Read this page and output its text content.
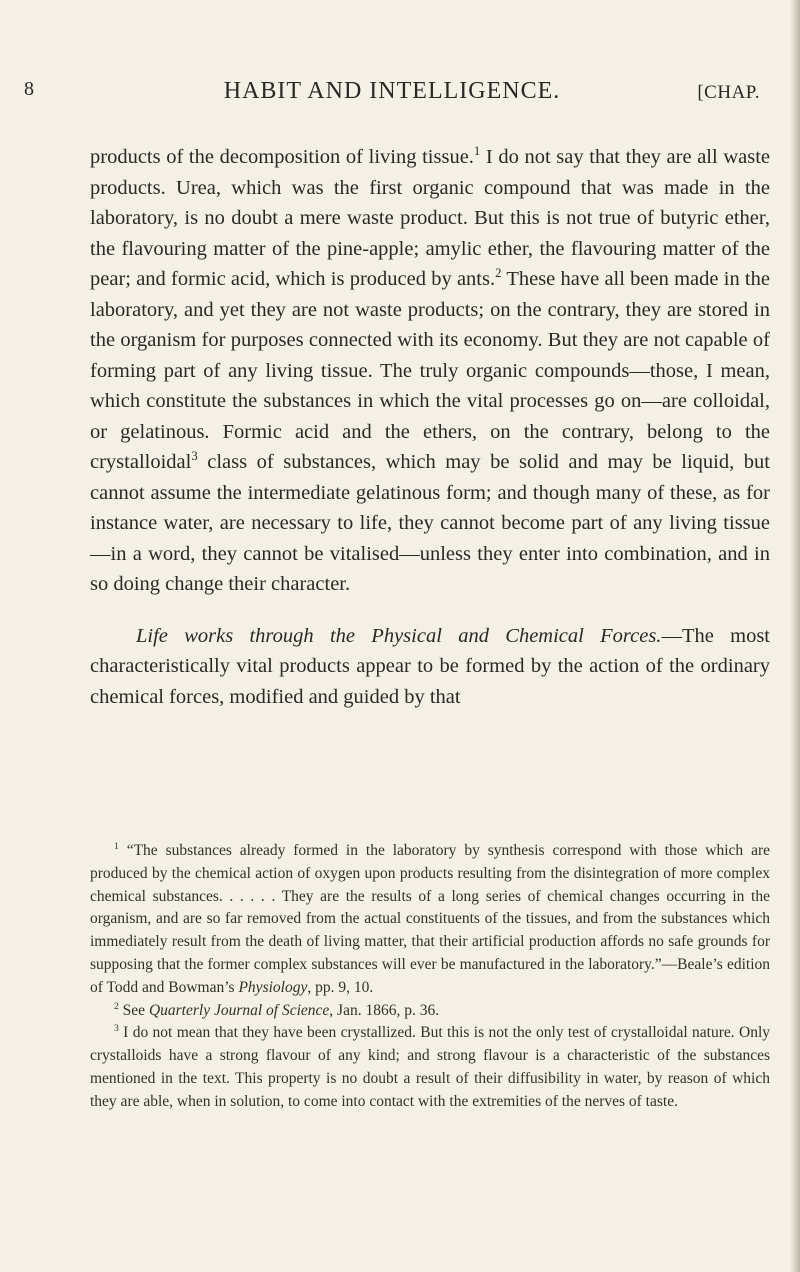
8	HABIT AND INTELLIGENCE.	[CHAP.

products of the decomposition of living tissue.$^1$ I do not say that they are all waste products. Urea, which was the first organic compound that was made in the laboratory, is no doubt a mere waste product. But this is not true of butyric ether, the flavouring matter of the pine-apple; amylic ether, the flavouring matter of the pear; and formic acid, which is produced by ants.$^2$ These have all been made in the laboratory, and yet they are not waste products; on the contrary, they are stored in the organism for purposes connected with its economy. But they are not capable of forming part of any living tissue. The truly organic compounds—those, I mean, which constitute the substances in which the vital processes go on—are colloidal, or gelatinous. Formic acid and the ethers, on the contrary, belong to the crystalloidal$^3$ class of substances, which may be solid and may be liquid, but cannot assume the intermediate gelatinous form; and though many of these, as for instance water, are necessary to life, they cannot become part of any living tissue—in a word, they cannot be vitalised—unless they enter into combination, and in so doing change their character.

Life works through the Physical and Chemical Forces.—The most characteristically vital products appear to be formed by the action of the ordinary chemical forces, modified and guided by that

$^1$ “The substances already formed in the laboratory by synthesis correspond with those which are produced by the chemical action of oxygen upon products resulting from the disintegration of more complex chemical substances. . . . . . They are the results of a long series of chemical changes occurring in the organism, and are so far removed from the actual constituents of the tissues, and from the substances which immediately result from the death of living matter, that their artificial production affords no safe grounds for supposing that the former complex substances will ever be manufactured in the laboratory.”—Beale’s edition of Todd and Bowman’s Physiology, pp. 9, 10.

$^2$ See Quarterly Journal of Science, Jan. 1866, p. 36.

$^3$ I do not mean that they have been crystallized. But this is not the only test of crystalloidal nature. Only crystalloids have a strong flavour of any kind; and strong flavour is a characteristic of the substances mentioned in the text. This property is no doubt a result of their diffusibility in water, by reason of which they are able, when in solution, to come into contact with the extremities of the nerves of taste.
